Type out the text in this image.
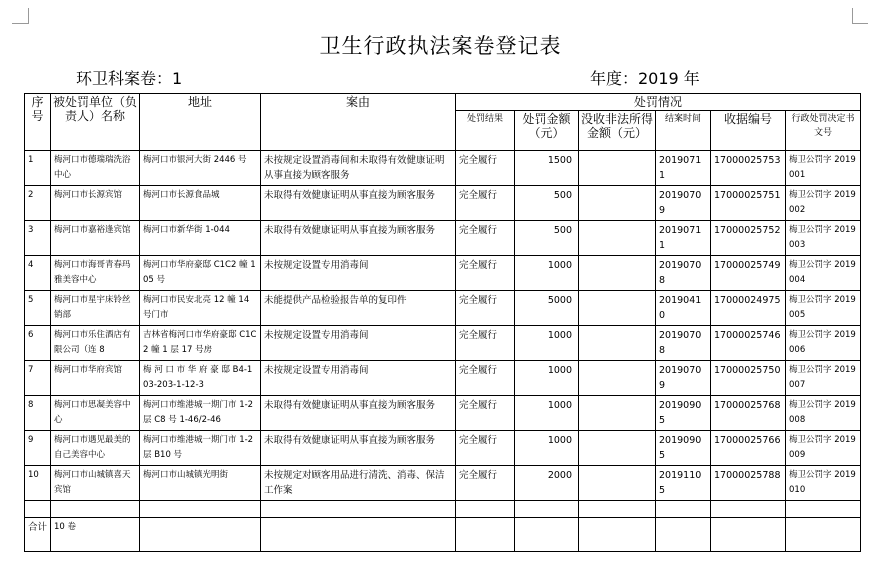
卫生行政执法案卷登记表
环卫科案卷：1	年度：2019 年
序号	被处罚单位（负责人）名称	地址	案由	处罚情况					
				处罚结果	处罚金额（元）	没收非法所得金额（元）	结案时间	收据编号	行政处罚决定书文号
1	梅河口市德瑞瑞洗浴中心	梅河口市银河大街 2446 号	未按规定设置消毒间和未取得有效健康证明从事直接为顾客服务	完全履行	1500		20190711	17000025753	梅卫公罚字 2019001
2	梅河口市长源宾馆	梅河口市长源食品城	未取得有效健康证明从事直接为顾客服务	完全履行	500		20190709	17000025751	梅卫公罚字 2019002
3	梅河口市嘉裕逢宾馆	梅河口市新华街 1-044	未取得有效健康证明从事直接为顾客服务	完全履行	500		20190711	17000025752	梅卫公罚字 2019003
4	梅河口市海哥青春玛雅美容中心	梅河口市华府豪邸 C1C2 幢 105 号	未按规定设置专用消毒间	完全履行	1000		20190708	17000025749	梅卫公罚字 2019004
5	梅河口市星宇床铃丝销部	梅河口市民安北亮 12 幢 14 号门市	未能提供产品检验报告单的复印件	完全履行	5000		20190410	17000024975	梅卫公罚字 2019005
6	梅河口市乐住酒店有限公司（连 8	吉林省梅河口市华府豪邸 C1C2 幢 1 层 17 号房	未按规定设置专用消毒间	完全履行	1000		20190708	17000025746	梅卫公罚字 2019006
7	梅河口市华府宾馆	梅 河 口 市 华 府 豪 邸 B4-103-203-1-12-3	未按规定设置专用消毒间	完全履行	1000		20190709	17000025750	梅卫公罚字 2019007
8	梅河口市思凝美容中心	梅河口市维港城一期门市 1-2 层 C8 号 1-46/2-46	未取得有效健康证明从事直接为顾客服务	完全履行	1000		20190905	17000025768	梅卫公罚字 2019008
9	梅河口市遇见最美的自己美容中心	梅河口市维港城一期门市 1-2 层 B10 号	未取得有效健康证明从事直接为顾客服务	完全履行	1000		20190905	17000025766	梅卫公罚字 2019009
10	梅河口市山城镇喜天宾馆	梅河口市山城镇光明街	未按规定对顾客用品进行清洗、消毒、保洁工作案	完全履行	2000		20191105	17000025788	梅卫公罚字 2019010

合计	10 卷								
